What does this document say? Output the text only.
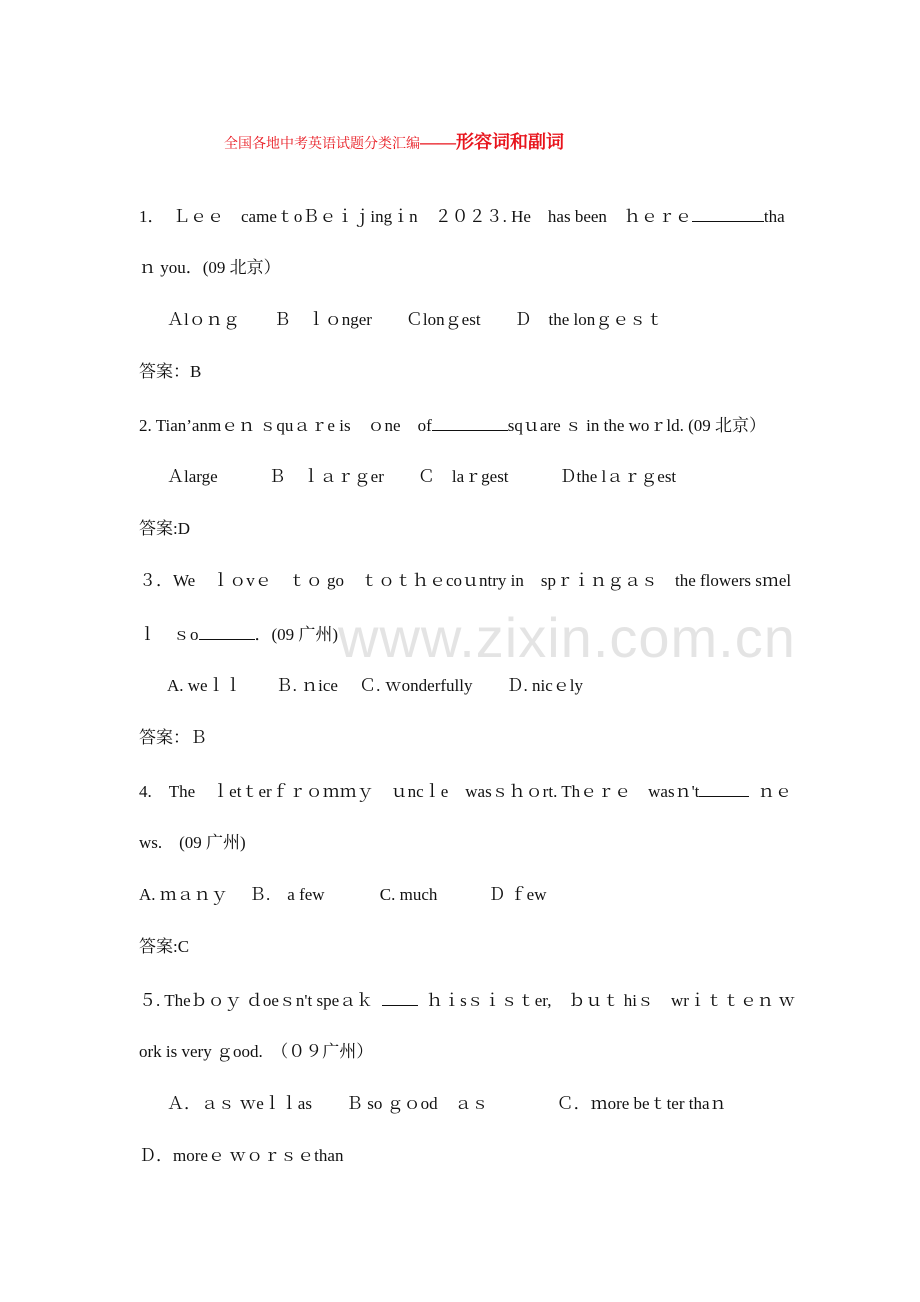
全国各地中考英语试题分类汇编——形容词和副词
1．　Ｌｅｅ　cameｔoＢｅｉｊingｉn　２０２３. He　has been　ｈｅｒｅ	tha
ｎ you．(09 北京）
Ａlｏｎｇ　　Ｂ　ｌｏnger　　Ｃlonｇest　　Ｄ　the lonｇｅｓｔ
答案：B
2. Tian’anmｅｎ ｓquａｒe is　ｏne　of	sqｕare ｓ in the woｒld. (09 北京）
Ａlarge　　　Ｂ　ｌａｒｇer　　Ｃ　laｒgest　　　Ｄthe lａｒｇest
答案:D
３．We　ｌｏvｅ　ｔｏ go　ｔｏｔｈｅcoｕntry in　spｒｉｎｇａｓ　the flowers sｍel
ｌ　ｓo	．(09 广州)
A. weｌｌ　　Ｂ. ｎice　 Ｃ. ｗonderfully　　Ｄ. nicｅly
答案：Ｂ
4.　The　ｌetｔerｆｒｏｍｍｙ　ｕncｌe　wasｓｈｏrt. Thｅｒｅ　wasｎ't	ｎｅ
ws.　(09 广州)
A. ｍａｎｙ　 Ｂ.　a few　　　 C. much　　　Ｄ ｆew
答案:C
５. Theｂｏｙ ｄoeｓn't speａｋ	ｈｉsｓｉｓｔer,　ｂｕｔ hiｓ　wrｉｔｔｅｎ ｗ
ork is very ｇood.　（０９广州）
Ａ．ａｓ ｗeｌｌas　　Ｂ so ｇｏod　ａｓ　　　　Ｃ．ｍore beｔter thaｎ
Ｄ．moreｅ ｗｏｒｓｅthan
www.zixin.com.cn
